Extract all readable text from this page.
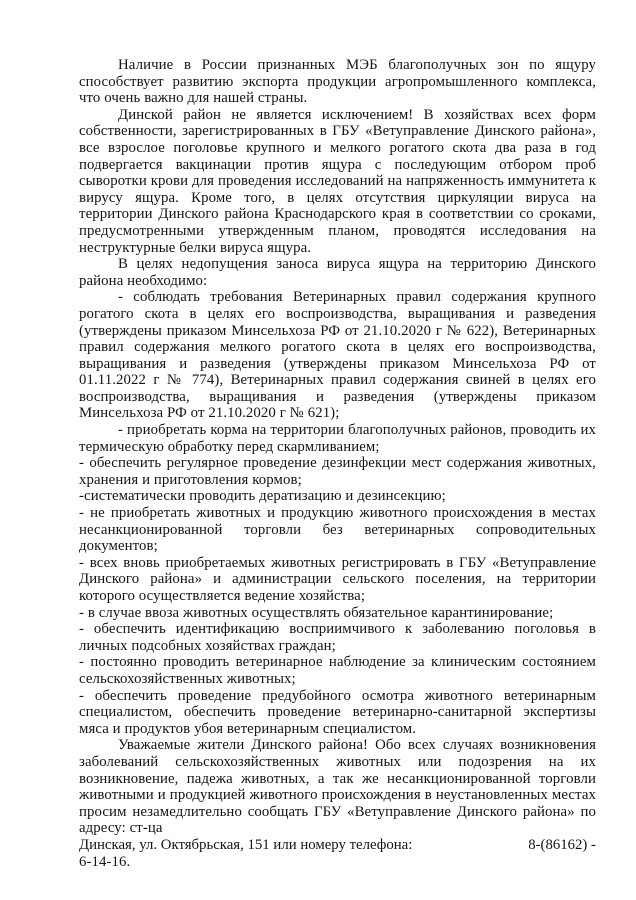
Наличие в России признанных МЭБ благополучных зон по ящуру способствует развитию экспорта продукции агропромышленного комплекса, что очень важно для нашей страны.

Динской район не является исключением! В хозяйствах всех форм собственности, зарегистрированных в ГБУ «Ветуправление Динского района», все взрослое поголовье крупного и мелкого рогатого скота два раза в год подвергается вакцинации против ящура с последующим отбором проб сыворотки крови для проведения исследований на напряженность иммунитета к вирусу ящура. Кроме того, в целях отсутствия циркуляции вируса на территории Динского района Краснодарского края в соответствии со сроками, предусмотренными утвержденным планом, проводятся исследования на неструктурные белки вируса ящура.

В целях недопущения заноса вируса ящура на территорию Динского района необходимо:

- соблюдать требования Ветеринарных правил содержания крупного рогатого скота в целях его воспроизводства, выращивания и разведения (утверждены приказом Минсельхоза РФ от 21.10.2020 г № 622), Ветеринарных правил содержания мелкого рогатого скота в целях его воспроизводства, выращивания и разведения (утверждены приказом Минсельхоза РФ от 01.11.2022 г № 774), Ветеринарных правил содержания свиней в целях его воспроизводства, выращивания и разведения (утверждены приказом Минсельхоза РФ от 21.10.2020 г № 621);

- приобретать корма на территории благополучных районов, проводить их термическую обработку перед скармливанием;

- обеспечить регулярное проведение дезинфекции мест содержания животных, хранения и приготовления кормов;

-систематически проводить дератизацию и дезинсекцию;

- не приобретать животных и продукцию животного происхождения в местах несанкционированной торговли без ветеринарных сопроводительных документов;

- всех вновь приобретаемых животных регистрировать в ГБУ «Ветуправление Динского района» и администрации сельского поселения, на территории которого осуществляется ведение хозяйства;

- в случае ввоза животных осуществлять обязательное карантинирование;

- обеспечить идентификацию восприимчивого к заболеванию поголовья в личных подсобных хозяйствах граждан;

- постоянно проводить ветеринарное наблюдение за клиническим состоянием сельскохозяйственных животных;

- обеспечить проведение предубойного осмотра животного ветеринарным специалистом, обеспечить проведение ветеринарно-санитарной экспертизы мяса и продуктов убоя ветеринарным специалистом.

Уважаемые жители Динского района! Обо всех случаях возникновения заболеваний сельскохозяйственных животных или подозрения на их возникновение, падежа животных, а так же несанкционированной торговли животными и продукцией животного происхождения в неустановленных местах просим незамедлительно сообщать ГБУ «Ветуправление Динского района» по адресу: ст-ца

Динская, ул. Октябрьская, 151 или номеру телефона:	8-(86162) -

6-14-16.
